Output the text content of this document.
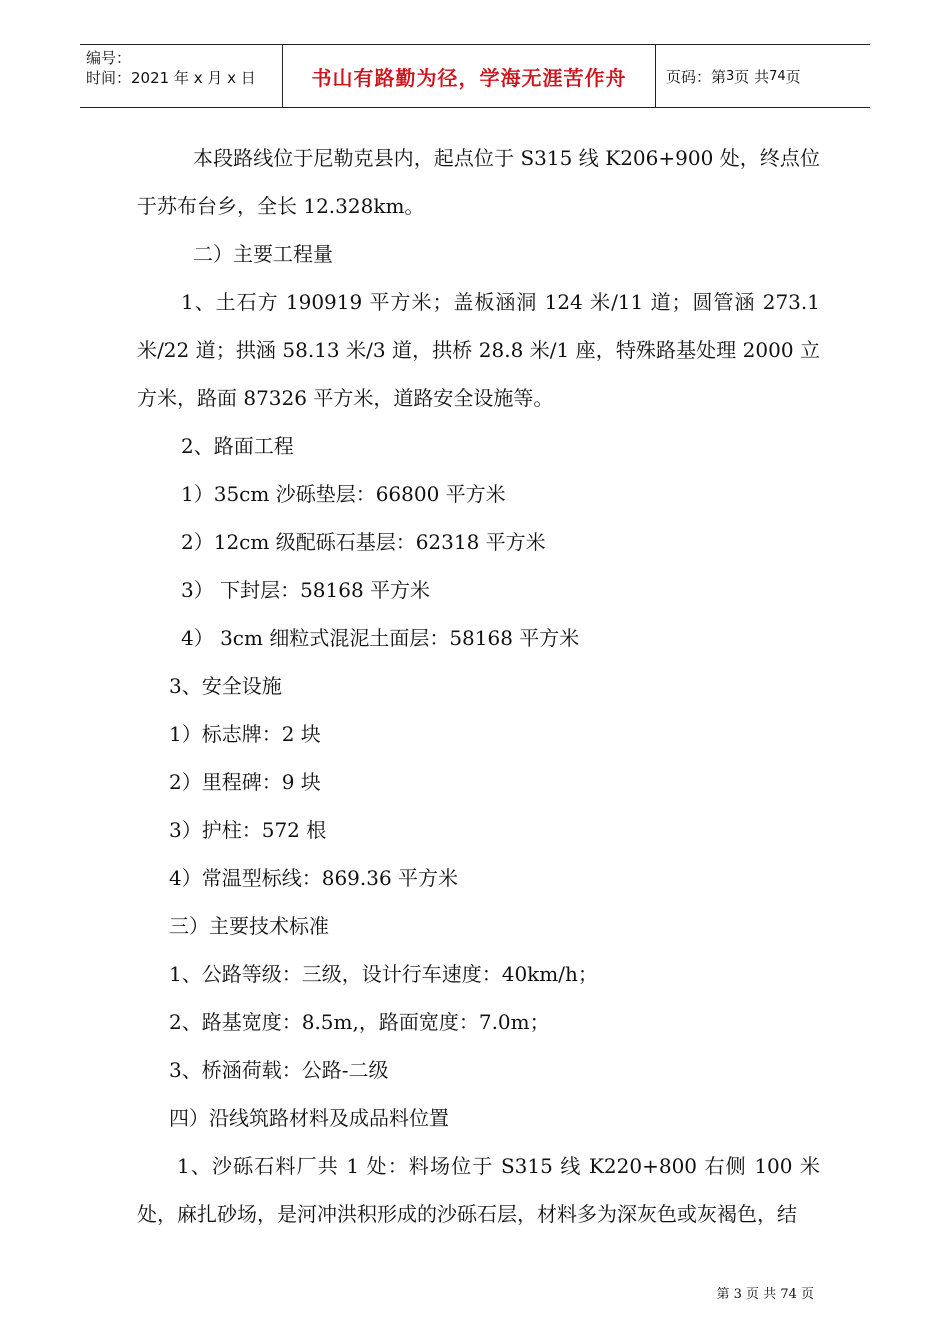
编号：
时间：2021 年 x 月 x 日	书山有路勤为径，学海无涯苦作舟	页码：第 3 页 共 74 页

本段路线位于尼勒克县内，起点位于 S315 线 K206+900 处，终点位于苏布台乡，全长 12.328km。

二）主要工程量

1、土石方 190919 平方米；盖板涵洞 124 米/11 道；圆管涵 273.1 米/22 道；拱涵 58.13 米/3 道，拱桥 28.8 米/1 座，特殊路基处理 2000 立方米，路面 87326 平方米，道路安全设施等。

2、路面工程

1）35cm 沙砾垫层：66800 平方米

2）12cm 级配砾石基层：62318 平方米

3） 下封层：58168 平方米

4） 3cm 细粒式混泥土面层：58168 平方米

3、安全设施

1）标志牌：2 块

2）里程碑：9 块

3）护柱：572 根

4）常温型标线：869.36 平方米

三）主要技术标准

1、公路等级：三级，设计行车速度：40km/h；

2、路基宽度：8.5m,，路面宽度：7.0m；

3、桥涵荷载：公路-二级

四）沿线筑路材料及成品料位置

1、沙砾石料厂共 1 处：料场位于 S315 线 K220+800 右侧 100 米处，麻扎砂场，是河冲洪积形成的沙砾石层，材料多为深灰色或灰褐色，结

第 3 页 共 74 页
